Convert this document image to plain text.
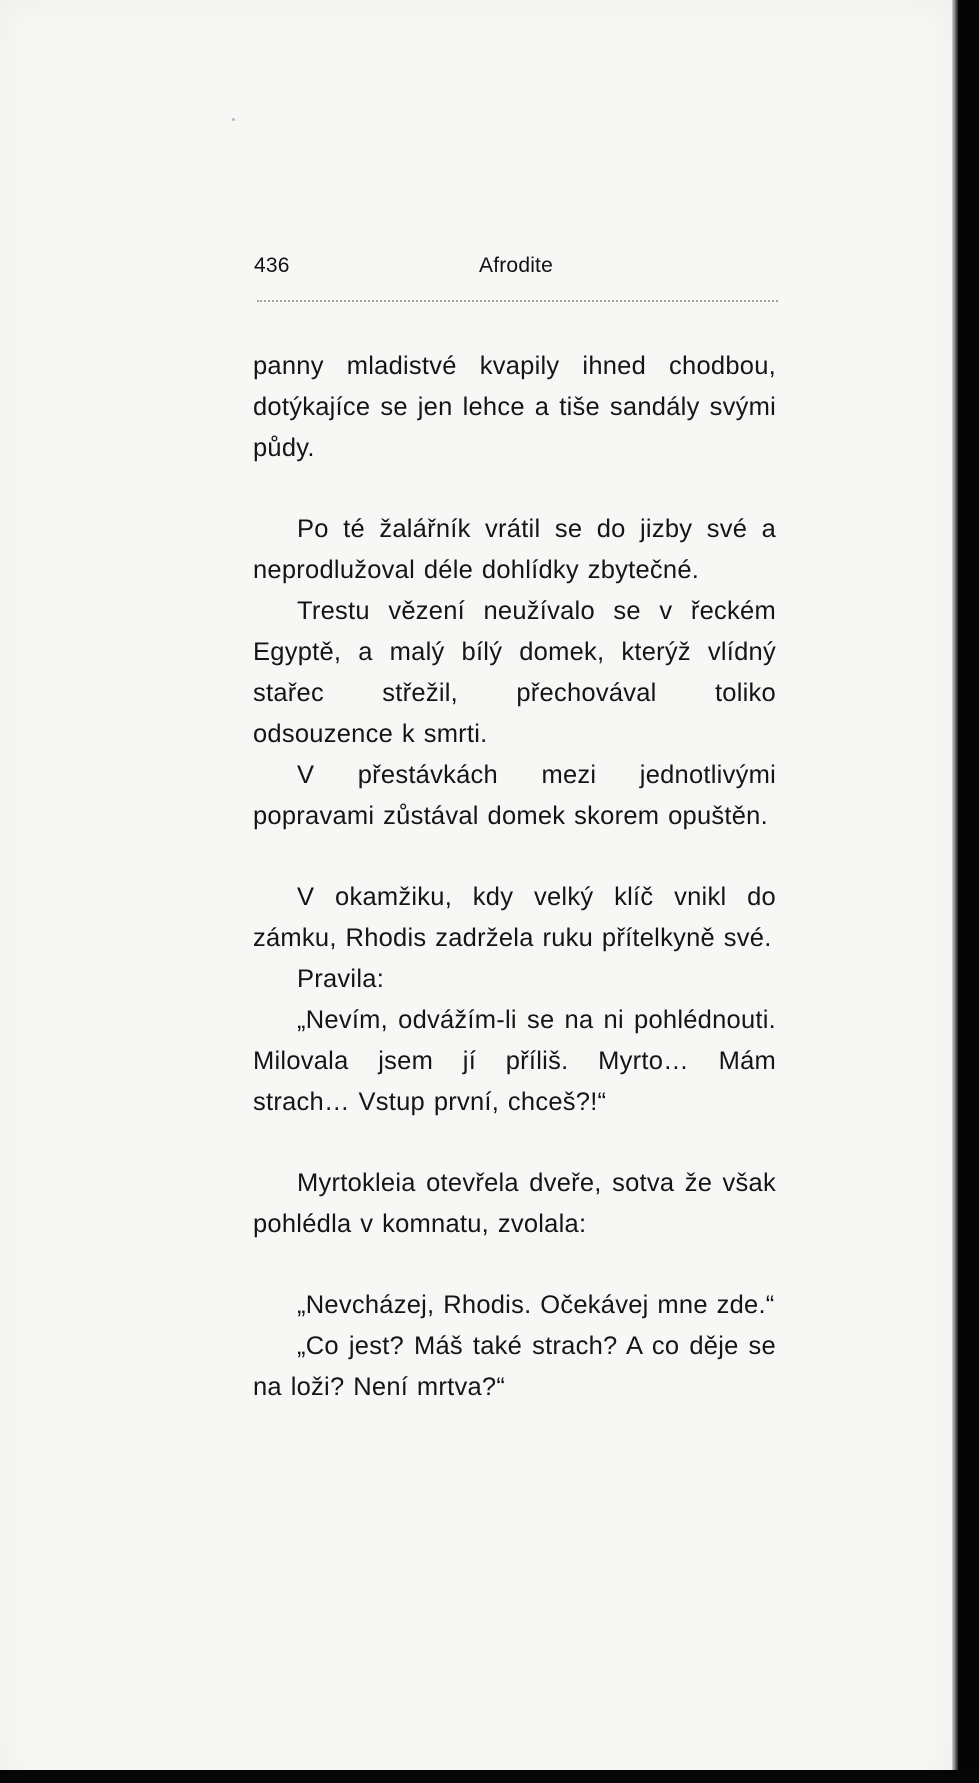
436	Afrodite

panny mladistvé kvapily ihned chodbou, dotýkajíce se jen lehce a tiše sandály svými půdy.

Po té žalářník vrátil se do jizby své a neprodlužoval déle dohlídky zbytečné.

Trestu vězení neužívalo se v řeckém Egyptě, a malý bílý domek, kterýž vlídný stařec střežil, přechovával toliko odsouzence k smrti.

V přestávkách mezi jednotlivými popravami zůstával domek skorem opuštěn.

V okamžiku, kdy velký klíč vnikl do zámku, Rhodis zadržela ruku přítelkyně své.

Pravila:

„Nevím, odvážím-li se na ni pohlédnouti. Milovala jsem jí příliš. Myrto… Mám strach… Vstup první, chceš?!“

Myrtokleia otevřela dveře, sotva že však pohlédla v komnatu, zvolala:

„Nevcházej, Rhodis. Očekávej mne zde.“

„Co jest? Máš také strach? A co děje se na loži? Není mrtva?“
